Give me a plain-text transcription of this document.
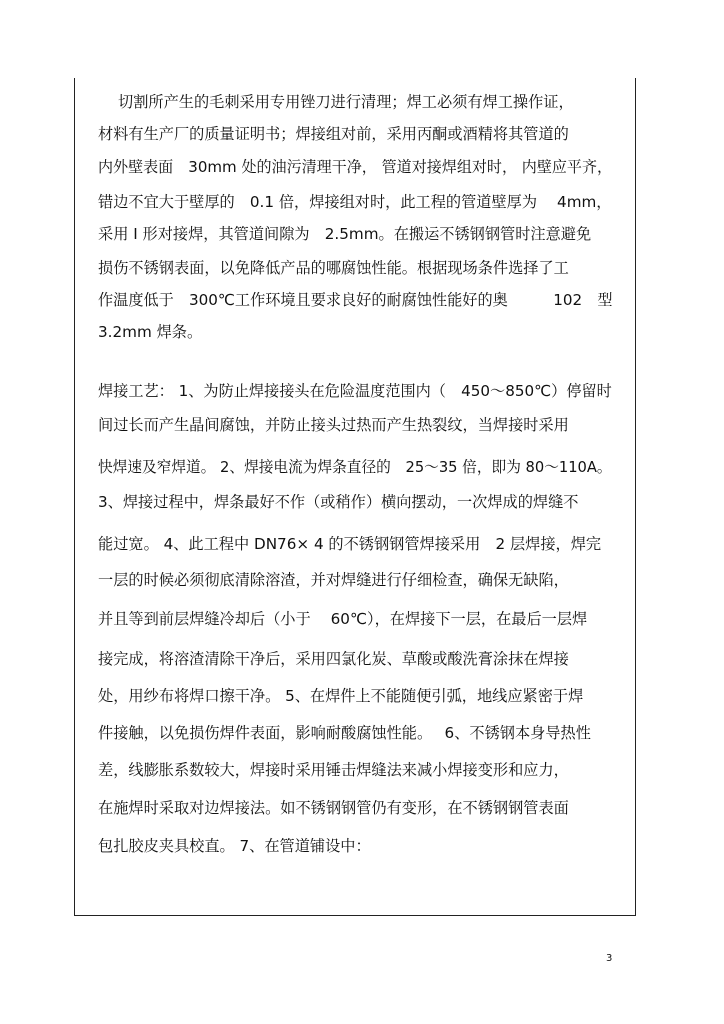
切割所产生的毛刺采用专用锉刀进行清理；焊工必须有焊工操作证，
材料有生产厂的质量证明书；焊接组对前，采用丙酮或酒精将其管道的
内外壁表面　30mm 处的油污清理干净， 管道对接焊组对时， 内壁应平齐，
错边不宜大于壁厚的　0.1 倍，焊接组对时，此工程的管道壁厚为　 4mm，
采用 I 形对接焊，其管道间隙为　2.5mm。在搬运不锈钢钢管时注意避免
损伤不锈钢表面，以免降低产品的哪腐蚀性能。根据现场条件选择了工
作温度低于　300℃工作环境且要求良好的耐腐蚀性能好的奥　　　102　型
3.2mm 焊条。
焊接工艺： 1、为防止焊接接头在危险温度范围内（　450～850℃）停留时
间过长而产生晶间腐蚀，并防止接头过热而产生热裂纹，当焊接时采用
快焊速及窄焊道。 2、焊接电流为焊条直径的　25～35 倍，即为 80～110A。
3、焊接过程中，焊条最好不作（或稍作）横向摆动，一次焊成的焊缝不
能过宽。 4、此工程中 DN76× 4 的不锈钢钢管焊接采用　2 层焊接，焊完
一层的时候必须彻底清除溶渣，并对焊缝进行仔细检查，确保无缺陷，
并且等到前层焊缝冷却后（小于　 60℃），在焊接下一层，在最后一层焊
接完成，将溶渣清除干净后，采用四氯化炭、草酸或酸洗膏涂抹在焊接
处，用纱布将焊口擦干净。 5、在焊件上不能随便引弧，地线应紧密于焊
件接触，以免损伤焊件表面，影响耐酸腐蚀性能。　 6、不锈钢本身导热性
差，线膨胀系数较大，焊接时采用锤击焊缝法来减小焊接变形和应力，
在施焊时采取对边焊接法。如不锈钢钢管仍有变形，在不锈钢钢管表面
包扎胶皮夹具校直。 7、在管道铺设中：
3
